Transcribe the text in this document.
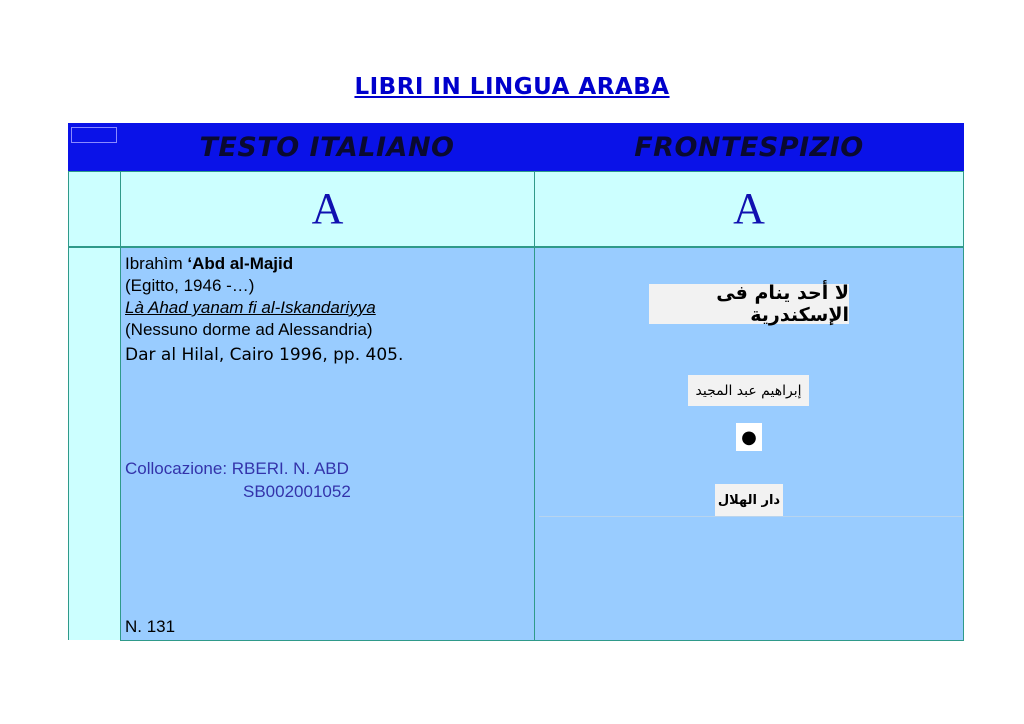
LIBRI IN LINGUA ARABA
TESTO ITALIANO	FRONTESPIZIO
A	A
Ibrahìm ‘Abd al-Majid
(Egitto, 1946 -…)
Là Ahad yanam fi al-Iskandariyya
(Nessuno dorme ad Alessandria)
Dar al Hilal, Cairo 1996, pp. 405.
Collocazione: RBERI. N. ABD
SB002001052
N. 131
لا أحد ينام فى الإسكندرية
إبراهيم عبد المجيد
●
دار الهلال
